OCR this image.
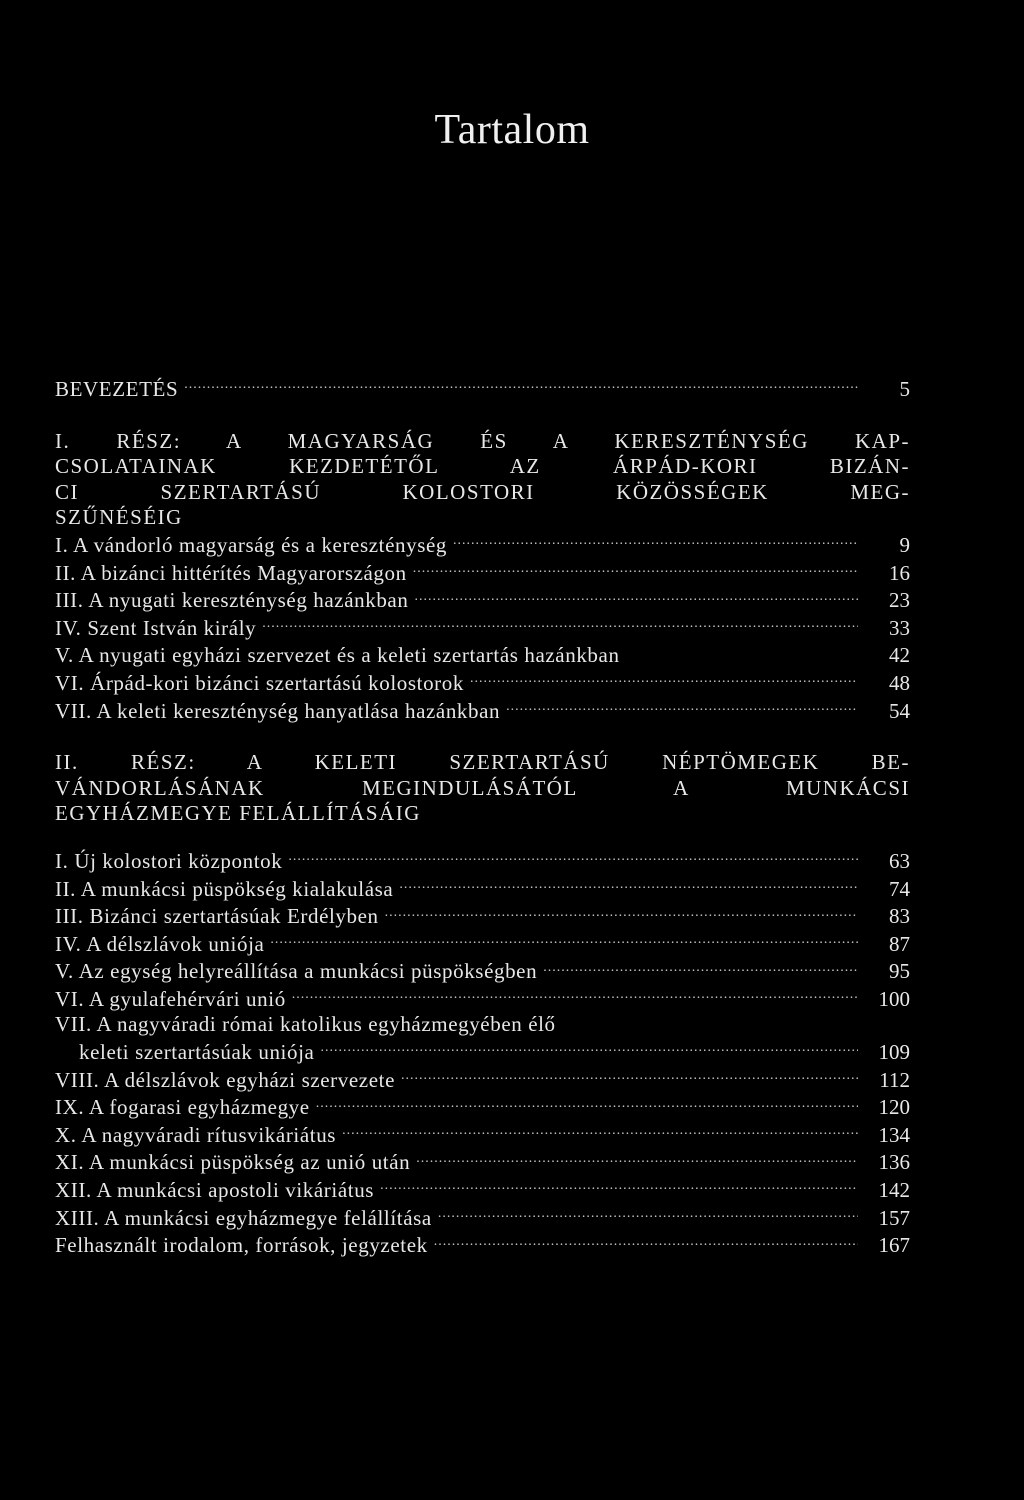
Tartalom
BEVEZETÉS .....	5
I. RÉSZ: A MAGYARSÁG ÉS A KERESZTÉNYSÉG KAP-
CSOLATAINAK KEZDETÉTŐL AZ ÁRPÁD-KORI BIZÁN-
CI SZERTARTÁSÚ KOLOSTORI KÖZÖSSÉGEK MEG-
SZŰNÉSÉIG
I. A vándorló magyarság és a kereszténység .....	9
II. A bizánci hittérítés Magyarországon .....	16
III. A nyugati kereszténység hazánkban .....	23
IV. Szent István király .....	33
V. A nyugati egyházi szervezet és a keleti szertartás hazánkban	42
VI. Árpád-kori bizánci szertartású kolostorok .....	48
VII. A keleti kereszténység hanyatlása hazánkban .....	54
II. RÉSZ: A KELETI SZERTARTÁSÚ NÉPTÖMEGEK BE-
VÁNDORLÁSÁNAK MEGINDULÁSÁTÓL A MUNKÁCSI
EGYHÁZMEGYE FELÁLLÍTÁSÁIG
I. Új kolostori központok .....	63
II. A munkácsi püspökség kialakulása .....	74
III. Bizánci szertartásúak Erdélyben .....	83
IV. A délszlávok uniója .....	87
V. Az egység helyreállítása a munkácsi püspökségben .....	95
VI. A gyulafehérvári unió .....	100
VII. A nagyváradi római katolikus egyházmegyében élő
keleti szertartásúak uniója .....	109
VIII. A délszlávok egyházi szervezete .....	112
IX. A fogarasi egyházmegye .....	120
X. A nagyváradi rítusvikáriátus .....	134
XI. A munkácsi püspökség az unió után .....	136
XII. A munkácsi apostoli vikáriátus .....	142
XIII. A munkácsi egyházmegye felállítása .....	157
Felhasznált irodalom, források, jegyzetek .....	167
